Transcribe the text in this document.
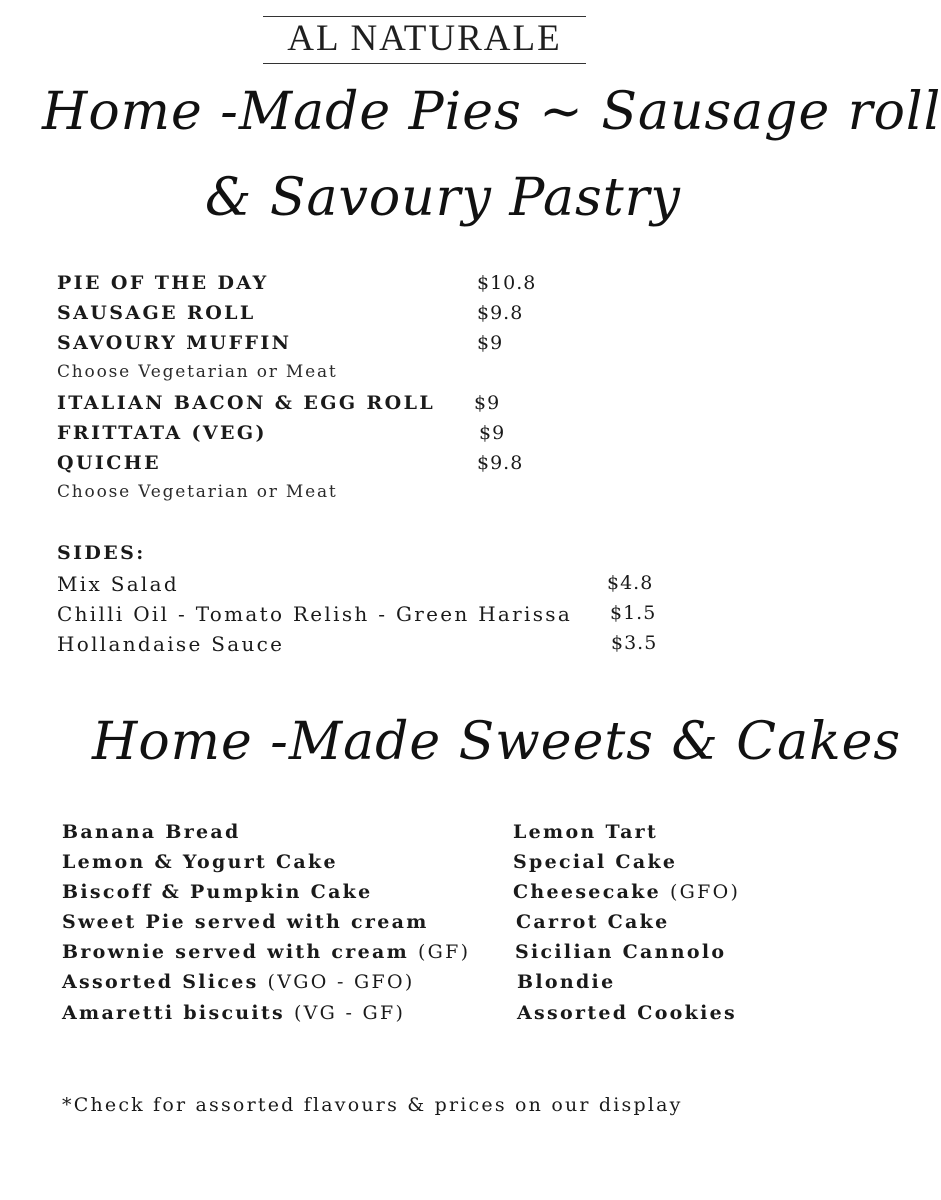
AL NATURALE
Home -Made Pies ~ Sausage roll
& Savoury Pastry
PIE OF THE DAY	$10.8
SAUSAGE ROLL	$9.8
SAVOURY MUFFIN	$9
Choose Vegetarian or Meat
ITALIAN BACON & EGG ROLL $9
FRITTATA (VEG)	$9
QUICHE	$9.8
Choose Vegetarian or Meat
SIDES:
Mix Salad	$4.8
Chilli Oil - Tomato Relish - Green Harissa $1.5
Hollandaise Sauce	$3.5
Home -Made Sweets & Cakes
Banana Bread
Lemon & Yogurt Cake
Biscoff & Pumpkin Cake
Sweet Pie served with cream
Brownie served with cream (GF)
Assorted Slices (VGO - GFO)
Amaretti biscuits (VG - GF)
Lemon Tart
Special Cake
Cheesecake (GFO)
Carrot Cake
Sicilian Cannolo
Blondie
Assorted Cookies
*Check for assorted flavours & prices on our display
